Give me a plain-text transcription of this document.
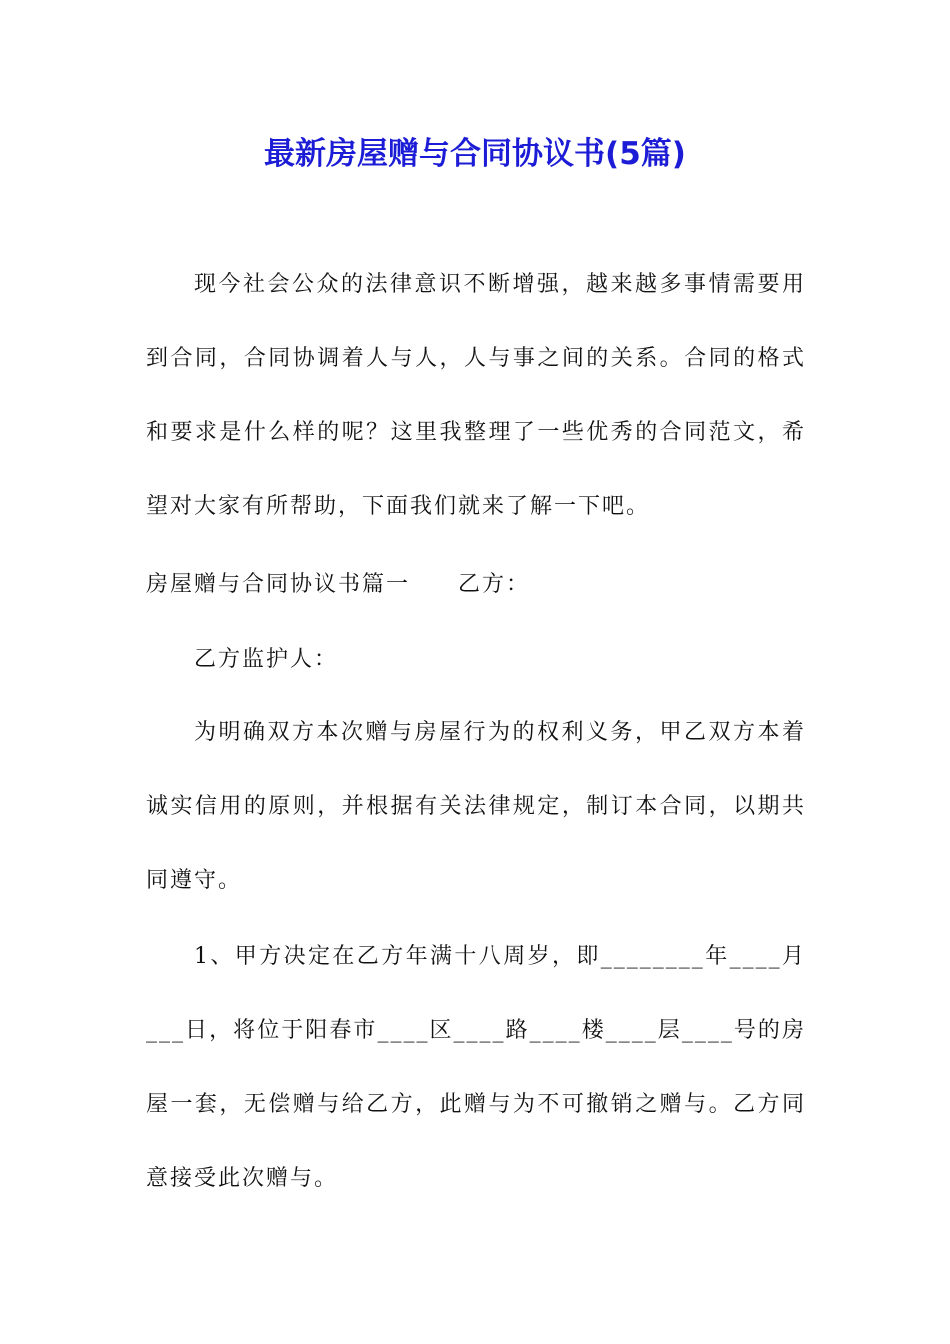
最新房屋赠与合同协议书(5篇)

现今社会公众的法律意识不断增强，越来越多事情需要用到合同，合同协调着人与人，人与事之间的关系。合同的格式和要求是什么样的呢？这里我整理了一些优秀的合同范文，希望对大家有所帮助，下面我们就来了解一下吧。

房屋赠与合同协议书篇一　　乙方：

乙方监护人：

为明确双方本次赠与房屋行为的权利义务，甲乙双方本着诚实信用的原则，并根据有关法律规定，制订本合同，以期共同遵守。

1、甲方决定在乙方年满十八周岁，即________年____月___日，将位于阳春市____区____路____楼____层____号的房屋一套，无偿赠与给乙方，此赠与为不可撤销之赠与。乙方同意接受此次赠与。
